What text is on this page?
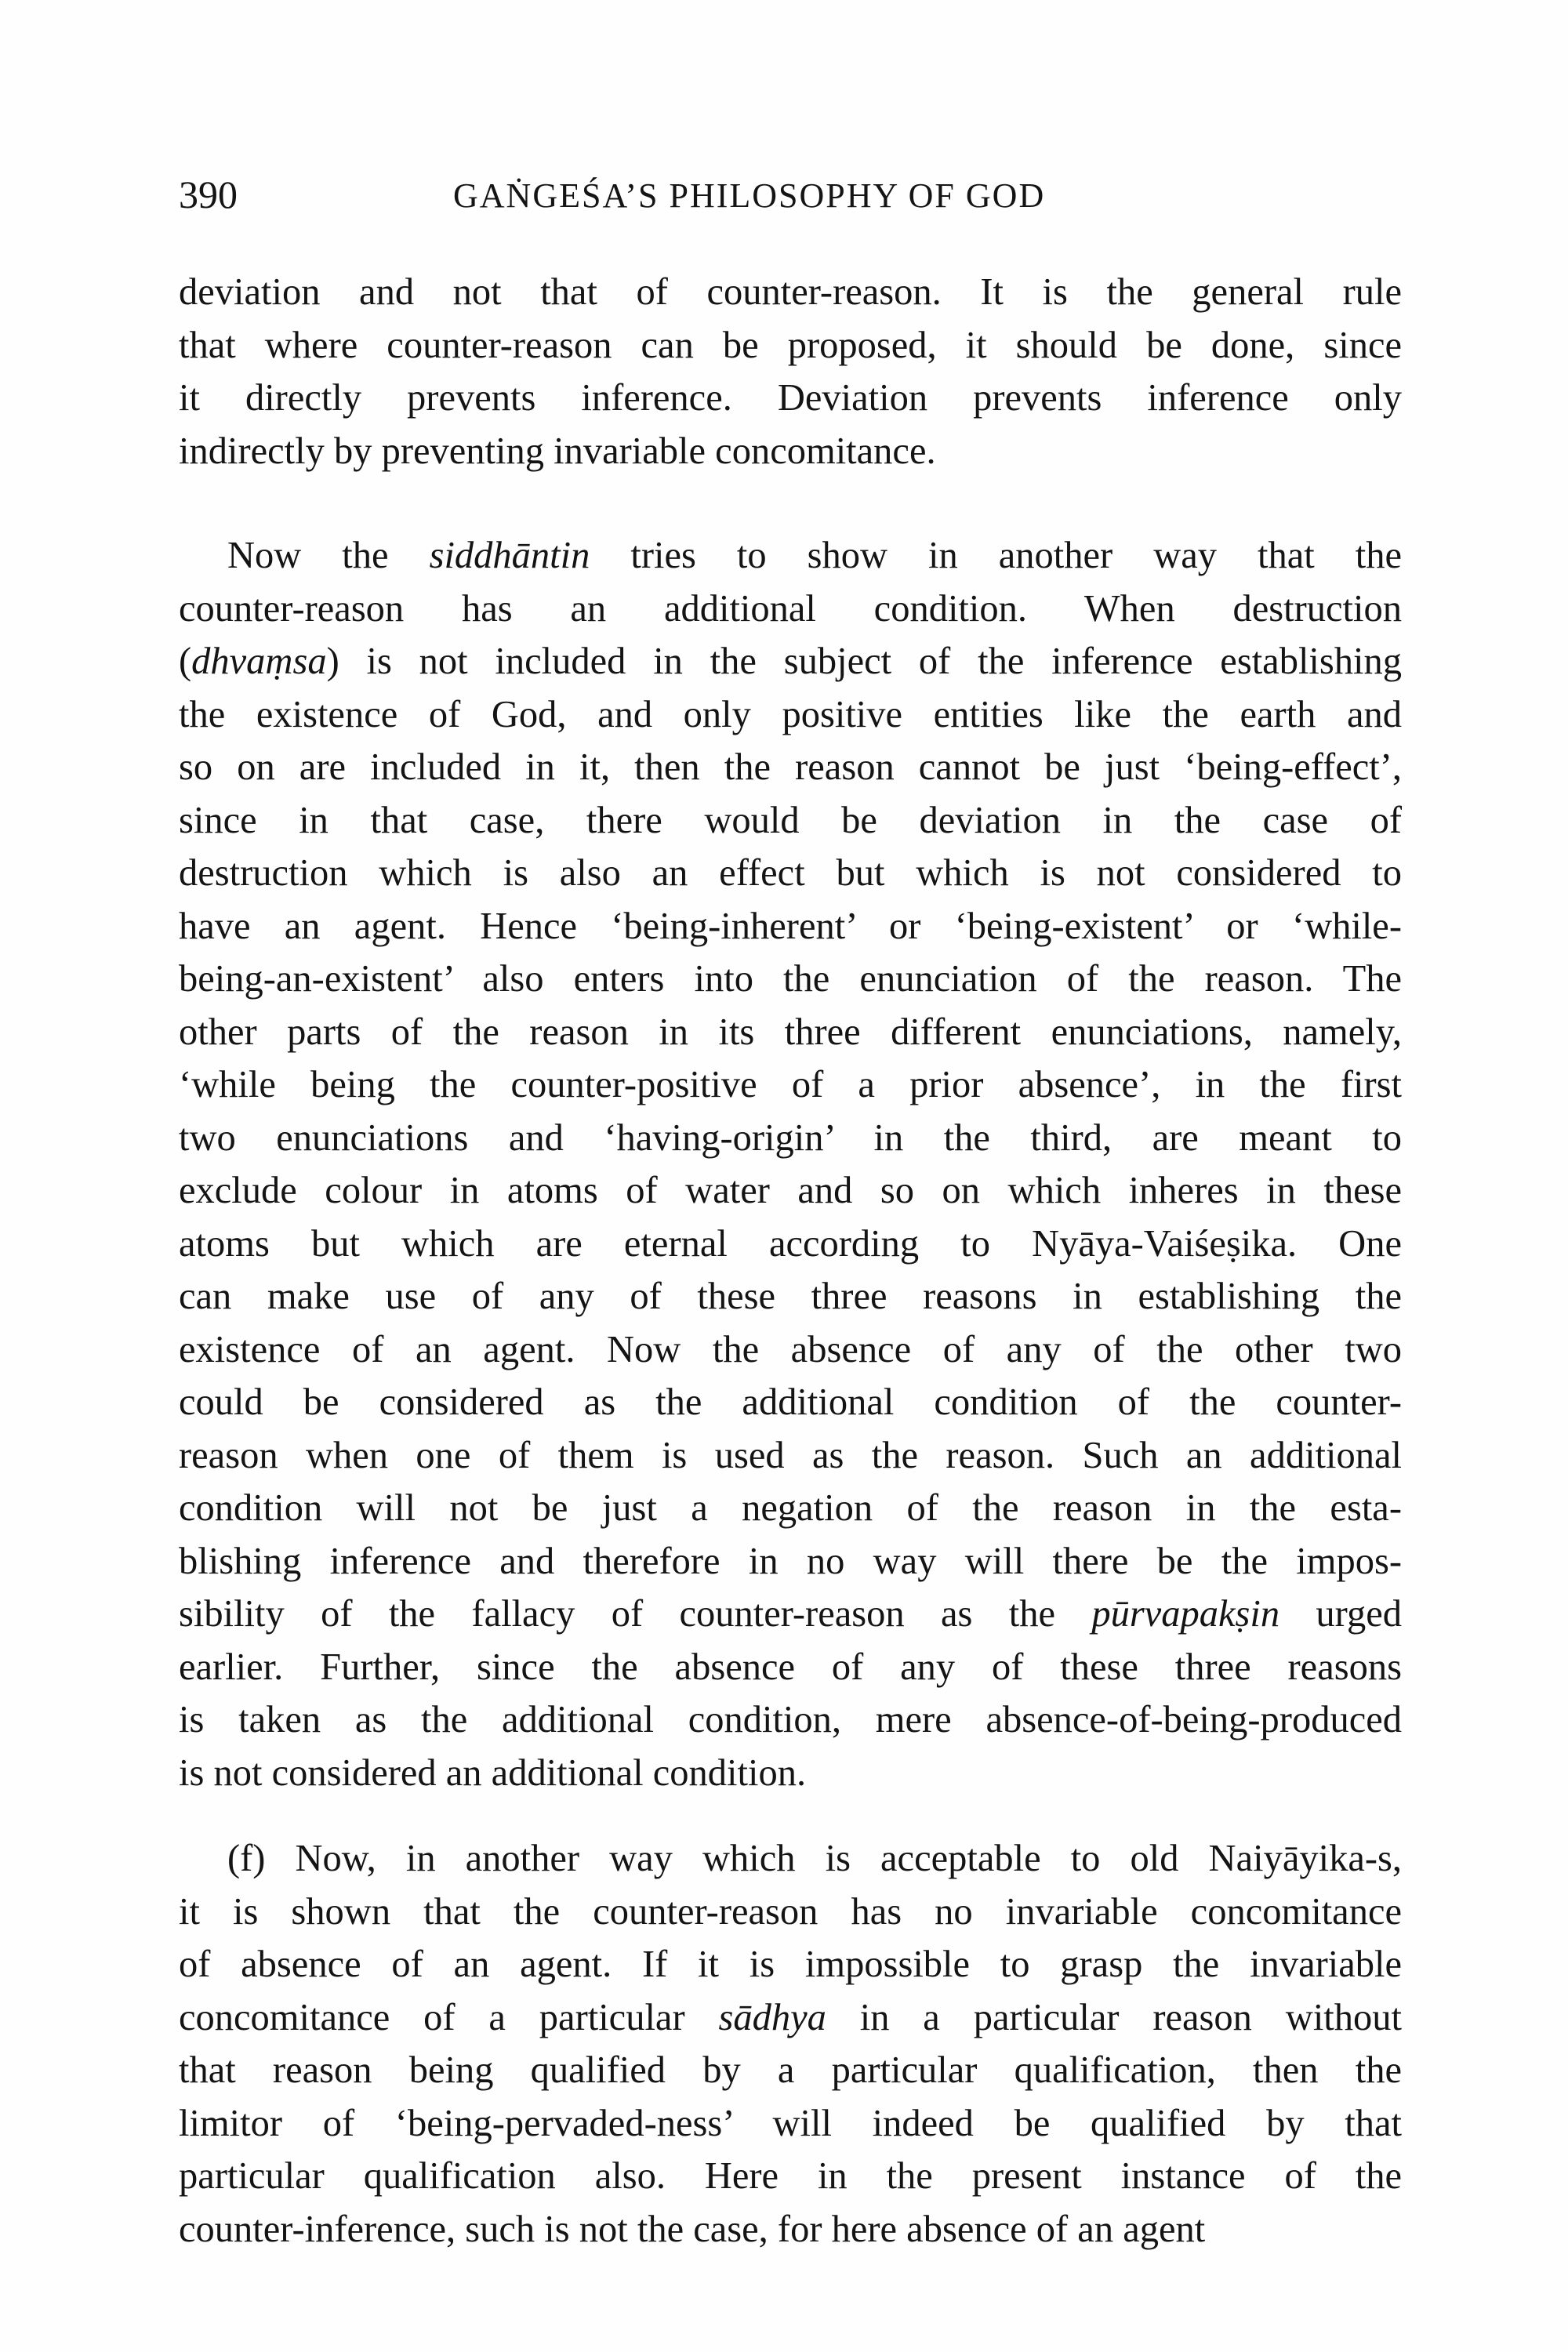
390	GAṄGEŚA’S PHILOSOPHY OF GOD
deviation and not that of counter-reason. It is the general rule
that where counter-reason can be proposed, it should be done, since
it directly prevents inference. Deviation prevents inference only
indirectly by preventing invariable concomitance.
Now the siddhāntin tries to show in another way that the
counter-reason has an additional condition. When destruction
(dhvaṃsa) is not included in the subject of the inference establishing
the existence of God, and only positive entities like the earth and
so on are included in it, then the reason cannot be just ‘being-effect’,
since in that case, there would be deviation in the case of
destruction which is also an effect but which is not considered to
have an agent. Hence ‘being-inherent’ or ‘being-existent’ or ‘while-
being-an-existent’ also enters into the enunciation of the reason. The
other parts of the reason in its three different enunciations, namely,
‘while being the counter-positive of a prior absence’, in the first
two enunciations and ‘having-origin’ in the third, are meant to
exclude colour in atoms of water and so on which inheres in these
atoms but which are eternal according to Nyāya-Vaiśeṣika. One
can make use of any of these three reasons in establishing the
existence of an agent. Now the absence of any of the other two
could be considered as the additional condition of the counter-
reason when one of them is used as the reason. Such an additional
condition will not be just a negation of the reason in the esta-
blishing inference and therefore in no way will there be the impos-
sibility of the fallacy of counter-reason as the pūrvapakṣin urged
earlier. Further, since the absence of any of these three reasons
is taken as the additional condition, mere absence-of-being-produced
is not considered an additional condition.
(f) Now, in another way which is acceptable to old Naiyāyika-s,
it is shown that the counter-reason has no invariable concomitance
of absence of an agent. If it is impossible to grasp the invariable
concomitance of a particular sādhya in a particular reason without
that reason being qualified by a particular qualification, then the
limitor of ‘being-pervaded-ness’ will indeed be qualified by that
particular qualification also. Here in the present instance of the
counter-inference, such is not the case, for here absence of an agent
